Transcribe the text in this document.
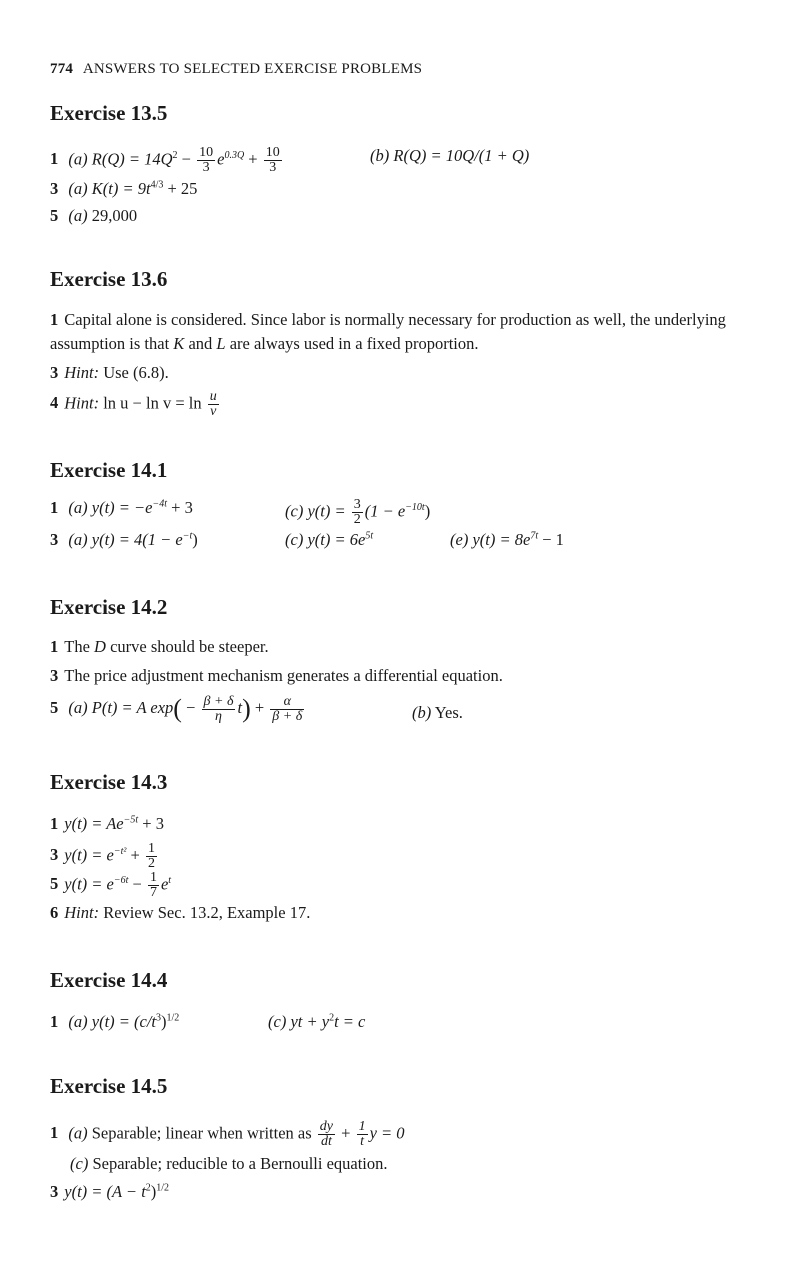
774 ANSWERS TO SELECTED EXERCISE PROBLEMS
Exercise 13.5
1 (a) $R(Q) = 14Q^2 - \frac{10}{3} e^{0.3Q} + \frac{10}{3}$	(b) R(Q) = 10Q/(1 + Q)
3 (a) $K(t) = 9t^{4/3} + 25$
5 (a) 29,000
Exercise 13.6
1 Capital alone is considered. Since labor is normally necessary for production as well, the underlying assumption is that K and L are always used in a fixed proportion.
3 Hint: Use (6.8).
4 Hint: $\ln u - \ln v = \ln \frac{u}{v}$
Exercise 14.1
1 (a) $y(t) = -e^{-4t} + 3$	(c) $y(t) = \frac{3}{2} (1 - e^{-10t})$
3 (a) $y(t) = 4(1 - e^{-t})$	(c) $y(t) = 6e^{5t}$	(e) $y(t) = 8e^{7t} - 1$
Exercise 14.2
1 The D curve should be steeper.
3 The price adjustment mechanism generates a differential equation.
5 (a) P(t) = A $\exp( - \frac{\beta + \delta}{\eta} t) + \frac{\alpha}{\beta + \delta}$	(b) Yes.
Exercise 14.3
1 $y(t) = Ae^{-5t} + 3$
3 $y(t) = e^{-t^2} + \frac{1}{2}$
5 $y(t) = e^{-6t} - \frac{1}{7} e^t$
6 Hint: Review Sec. 13.2, Example 17.
Exercise 14.4
1 (a) $y(t) = (c/t^3)^{1/2}$	(c) yt + $y^2t = c$
Exercise 14.5
1 (a) Separable; linear when written as $\frac{dy}{dt} + \frac{1}{t}$ y = 0
(c) Separable; reducible to a Bernoulli equation.
3 $y(t) = (A - t^2)^{1/2}$
